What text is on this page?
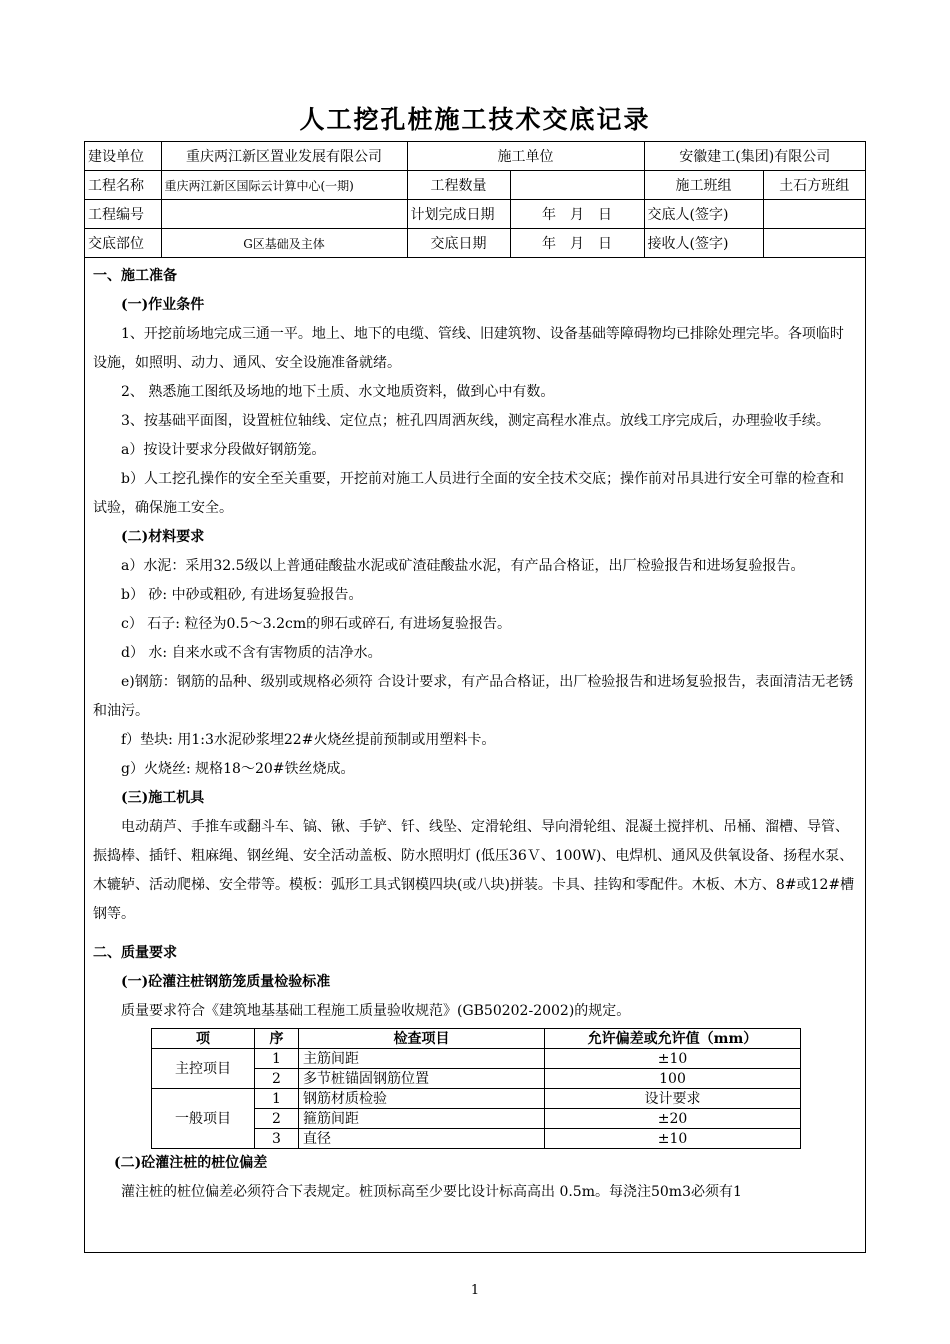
人工挖孔桩施工技术交底记录
建设单位	重庆两江新区置业发展有限公司	施工单位		安徽建工(集团)有限公司	
工程名称	重庆两江新区国际云计算中心(一期)	工程数量		施工班组	土石方班组
工程编号		计划完成日期	年　月　日	交底人(签字)	
交底部位	G区基础及主体	交底日期	年　月　日	接收人(签字)	

一、施工准备

(一)作业条件

1、开挖前场地完成三通一平。地上、地下的电缆、管线、旧建筑物、设备基础等障碍物均已排除处理完毕。各项临时设施，如照明、动力、通风、安全设施准备就绪。

2、 熟悉施工图纸及场地的地下土质、水文地质资料，做到心中有数。

3、按基础平面图，设置桩位轴线、定位点；桩孔四周洒灰线，测定高程水准点。放线工序完成后，办理验收手续。

a）按设计要求分段做好钢筋笼。

b）人工挖孔操作的安全至关重要，开挖前对施工人员进行全面的安全技术交底；操作前对吊具进行安全可靠的检查和试验，确保施工安全。

(二)材料要求

a）水泥：采用32.5级以上普通硅酸盐水泥或矿渣硅酸盐水泥，有产品合格证，出厂检验报告和进场复验报告。

b） 砂: 中砂或粗砂, 有进场复验报告。

c） 石子: 粒径为0.5～3.2cm的卵石或碎石, 有进场复验报告。

d） 水: 自来水或不含有害物质的洁净水。

e)钢筋：钢筋的品种、级别或规格必须符 合设计要求，有产品合格证，出厂检验报告和进场复验报告，表面清洁无老锈和油污。

f）垫块: 用1:3水泥砂浆埋22#火烧丝提前预制或用塑料卡。

g）火烧丝: 规格18～20#铁丝烧成。

(三)施工机具

电动葫芦、手推车或翻斗车、镐、锹、手铲、钎、线坠、定滑轮组、导向滑轮组、混凝土搅拌机、吊桶、溜槽、导管、振捣棒、插钎、粗麻绳、钢丝绳、安全活动盖板、防水照明灯 (低压36Ｖ、100W)、电焊机、通风及供氧设备、扬程水泵、木辘轳、活动爬梯、安全带等。模板：弧形工具式钢模四块(或八块)拼装。卡具、挂钩和零配件。木板、木方、8#或12#槽钢等。

二、质量要求

(一)砼灌注桩钢筋笼质量检验标准

质量要求符合《建筑地基基础工程施工质量验收规范》(GB50202-2002)的规定。

项	序	检查项目	允许偏差或允许值（mm）
主控项目	1	主筋间距	±10
	2	多节桩锚固钢筋位置	100
一般项目	1	钢筋材质检验	设计要求
	2	箍筋间距	±20
	3	直径	±10

(二)砼灌注桩的桩位偏差

灌注桩的桩位偏差必须符合下表规定。桩顶标高至少要比设计标高高出 0.5m。每浇注50m3必须有1

1
